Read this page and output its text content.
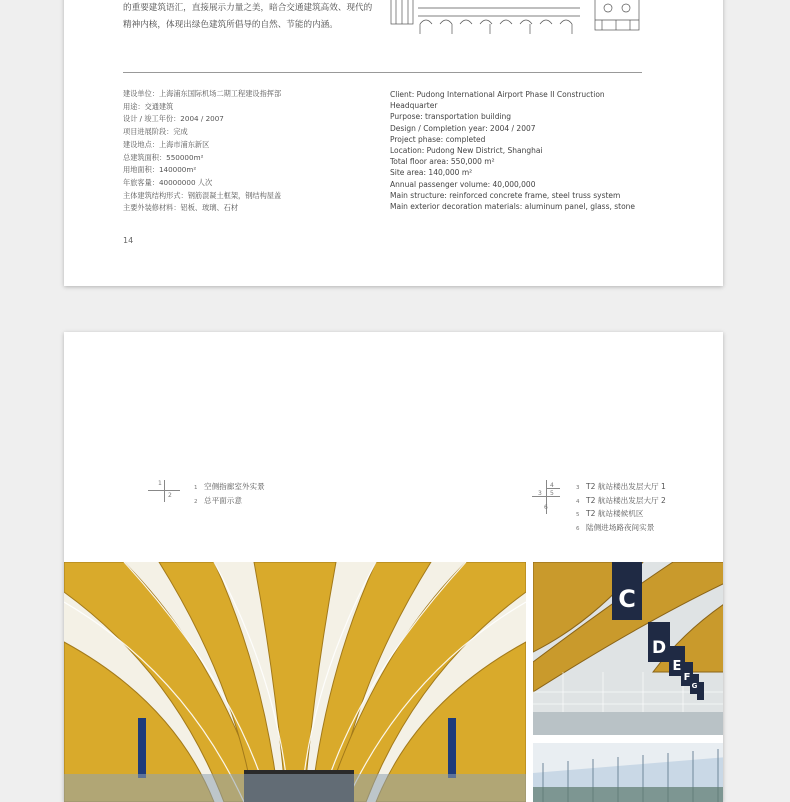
的重要建筑语汇，直接展示力量之美，暗合交通建筑高效、现代的
精神内核，体现出绿色建筑所倡导的自然、节能的内涵。
建设单位：上海浦东国际机场二期工程建设指挥部
用途：交通建筑
设计 / 竣工年份：2004 / 2007
项目进展阶段：完成
建设地点：上海市浦东新区
总建筑面积：550000m²
用地面积：140000m²
年旅客量：40000000 人次
主体建筑结构形式：钢筋混凝土框架，钢结构屋盖
主要外装修材料：铝板、玻璃、石材
Client: Pudong International Airport Phase II Construction
Headquarter
Purpose: transportation building
Design / Completion year: 2004 / 2007
Project phase: completed
Location: Pudong New District, Shanghai
Total floor area: 550,000 m²
Site area: 140,000 m²
Annual passenger volume: 40,000,000
Main structure: reinforced concrete frame, steel truss system
Main exterior decoration materials: aluminum panel, glass, stone
14
1
2
1 空侧指廊室外实景
2 总平面示意
3
4
5
6
3 T2 航站楼出发层大厅 1
4 T2 航站楼出发层大厅 2
5 T2 航站楼候机区
6 陆侧进场路夜间实景
C
D
E
F
G
